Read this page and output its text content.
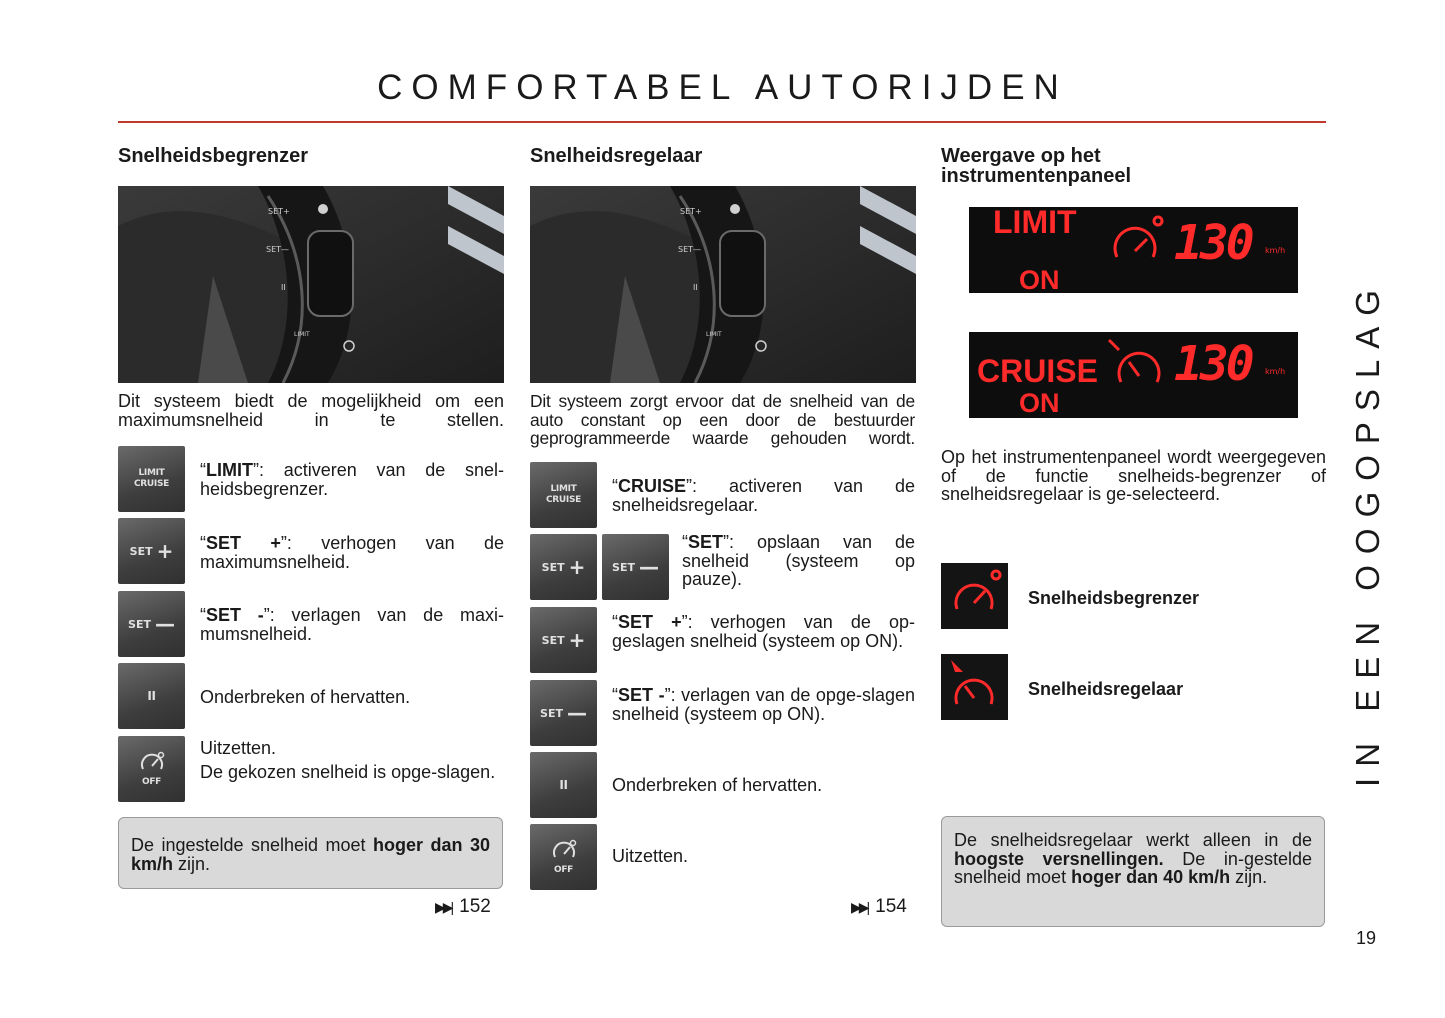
COMFORTABEL AUTORIJDEN
Snelheidsbegrenzer
SET+
SET—
II
LIMIT
Dit systeem biedt de mogelijkheid om een maximumsnelheid in te stellen.
LIMIT
CRUISE
“LIMIT”: activeren van de snel-heidsbegrenzer.
SET + “SET +”: verhogen van de maximumsnelheid.
SET — “SET -”: verlagen van de maxi-mumsnelheid.
II Onderbreken of hervatten.
OFF
Uitzetten.
De gekozen snelheid is opge-slagen.
De ingestelde snelheid moet hoger dan 30 km/h zijn.
▶▶| 152
Snelheidsregelaar
SET+
SET—
II
LIMIT
Dit systeem zorgt ervoor dat de snelheid van de auto constant op een door de bestuurder geprogrammeerde waarde gehouden wordt.
LIMIT
CRUISE
“CRUISE”: activeren van de snelheidsregelaar.
SET + SET —
“SET”: opslaan van de snelheid (systeem op pauze).
SET +
“SET +”: verhogen van de op-geslagen snelheid (systeem op ON).
SET —
“SET -”: verlagen van de opge-slagen snelheid (systeem op ON).
II Onderbreken of hervatten.
OFF
Uitzetten.
▶▶| 154
Weergave op het instrumentenpaneel
LIMIT
ON
130 km/h
CRUISE
ON
130 km/h
Op het instrumentenpaneel wordt weergegeven of de functie snelheids-begrenzer of snelheidsregelaar is ge-selecteerd.
Snelheidsbegrenzer
Snelheidsregelaar
De snelheidsregelaar werkt alleen in de hoogste versnellingen. De in-gestelde snelheid moet hoger dan 40 km/h zijn.
IN EEN OOGOPSLAG
19
